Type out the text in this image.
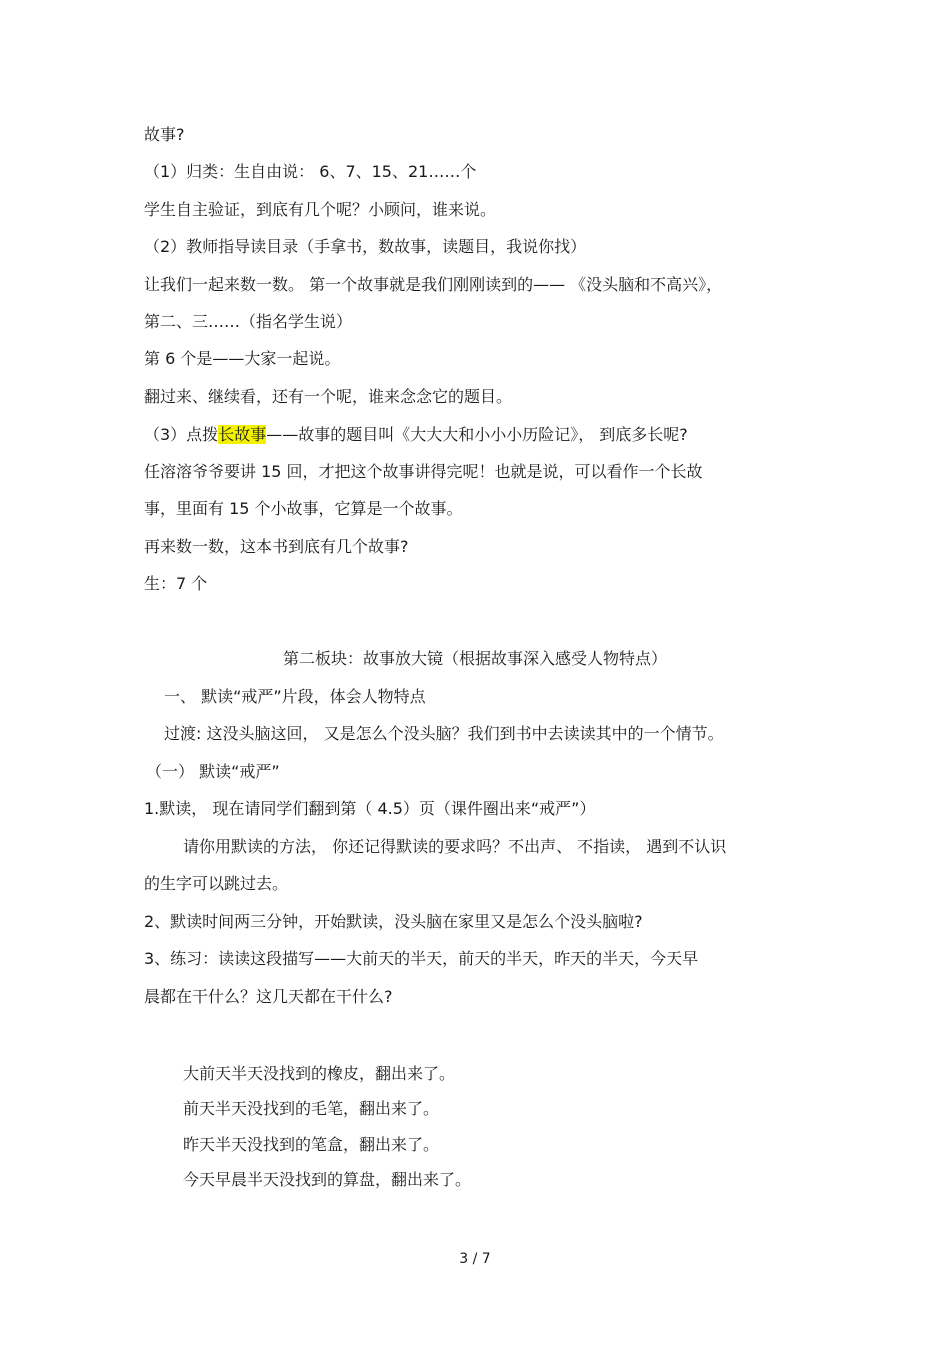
故事?
（1）归类：生自由说： 6、7、15、21……个
学生自主验证，到底有几个呢？小顾问，谁来说。
（2）教师指导读目录（手拿书，数故事，读题目，我说你找）
让我们一起来数一数。 第一个故事就是我们刚刚读到的—— 《没头脑和不高兴》，
第二、三……（指名学生说）
第 6 个是——大家一起说。
翻过来、继续看，还有一个呢，谁来念念它的题目。
（3）点拨长故事——故事的题目叫《大大大和小小小历险记》， 到底多长呢?
任溶溶爷爷要讲 15 回，才把这个故事讲得完呢！也就是说，可以看作一个长故
事，里面有 15 个小故事，它算是一个故事。
再来数一数，这本书到底有几个故事?
生：7 个
第二板块：故事放大镜（根据故事深入感受人物特点）
一、 默读“戒严”片段，体会人物特点
过渡: 这没头脑这回， 又是怎么个没头脑？我们到书中去读读其中的一个情节。
（一） 默读“戒严”
1.默读， 现在请同学们翻到第（ 4.5）页（课件圈出来“戒严”）
请你用默读的方法， 你还记得默读的要求吗？不出声、 不指读， 遇到不认识
的生字可以跳过去。
2、默读时间两三分钟，开始默读，没头脑在家里又是怎么个没头脑啦?
3、练习：读读这段描写——大前天的半天，前天的半天，昨天的半天，今天早
晨都在干什么？这几天都在干什么?
大前天半天没找到的橡皮，翻出来了。
前天半天没找到的毛笔，翻出来了。
昨天半天没找到的笔盒，翻出来了。
今天早晨半天没找到的算盘，翻出来了。
3 / 7
